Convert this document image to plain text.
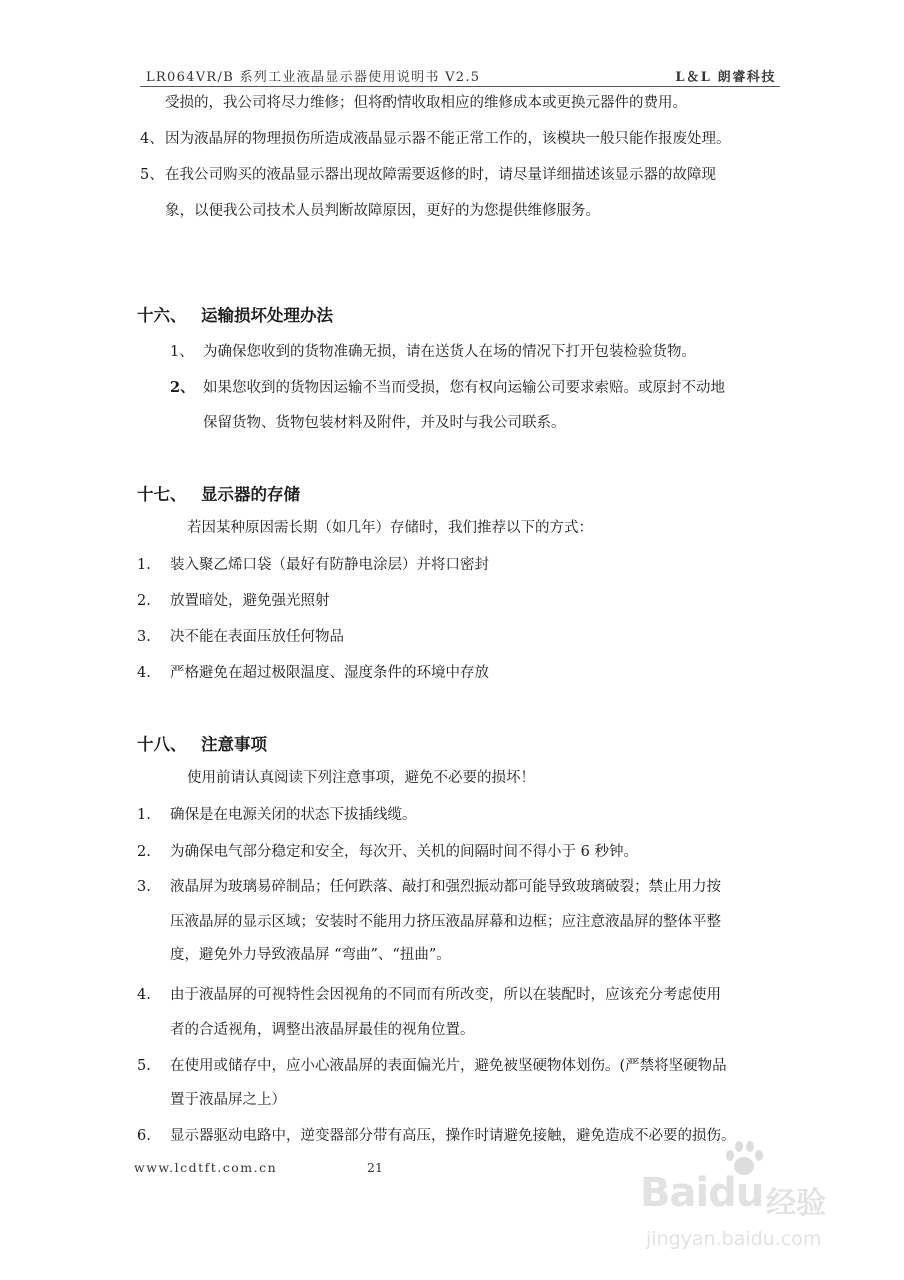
LR064VR/B 系列工业液晶显示器使用说明书 V2.5	L＆L 朗睿科技
受损的，我公司将尽力维修；但将酌情收取相应的维修成本或更换元器件的费用。
4、 因为液晶屏的物理损伤所造成液晶显示器不能正常工作的，该模块一般只能作报废处理。
5、 在我公司购买的液晶显示器出现故障需要返修的时，请尽量详细描述该显示器的故障现
象，以便我公司技术人员判断故障原因，更好的为您提供维修服务。
十六、 运输损坏处理办法
1、 为确保您收到的货物准确无损，请在送货人在场的情况下打开包装检验货物。
2、 如果您收到的货物因运输不当而受损，您有权向运输公司要求索赔。或原封不动地
保留货物、货物包装材料及附件，并及时与我公司联系。
十七、 显示器的存储
若因某种原因需长期（如几年）存储时，我们推荐以下的方式：
1. 装入聚乙烯口袋（最好有防静电涂层）并将口密封
2. 放置暗处，避免强光照射
3. 决不能在表面压放任何物品
4. 严格避免在超过极限温度、湿度条件的环境中存放
十八、 注意事项
使用前请认真阅读下列注意事项，避免不必要的损坏！
1. 确保是在电源关闭的状态下拔插线缆。
2. 为确保电气部分稳定和安全，每次开、关机的间隔时间不得小于 6 秒钟。
3. 液晶屏为玻璃易碎制品；任何跌落、敲打和强烈振动都可能导致玻璃破裂；禁止用力按
压液晶屏的显示区域；安装时不能用力挤压液晶屏幕和边框；应注意液晶屏的整体平整
度，避免外力导致液晶屏 “弯曲”、“扭曲”。
4. 由于液晶屏的可视特性会因视角的不同而有所改变，所以在装配时，应该充分考虑使用
者的合适视角，调整出液晶屏最佳的视角位置。
5. 在使用或储存中，应小心液晶屏的表面偏光片，避免被坚硬物体划伤。(严禁将坚硬物品
置于液晶屏之上）
6. 显示器驱动电路中，逆变器部分带有高压，操作时请避免接触，避免造成不必要的损伤。
www.lcdtft.com.cn	21
Baidu 经验
jingyan.baidu.com
